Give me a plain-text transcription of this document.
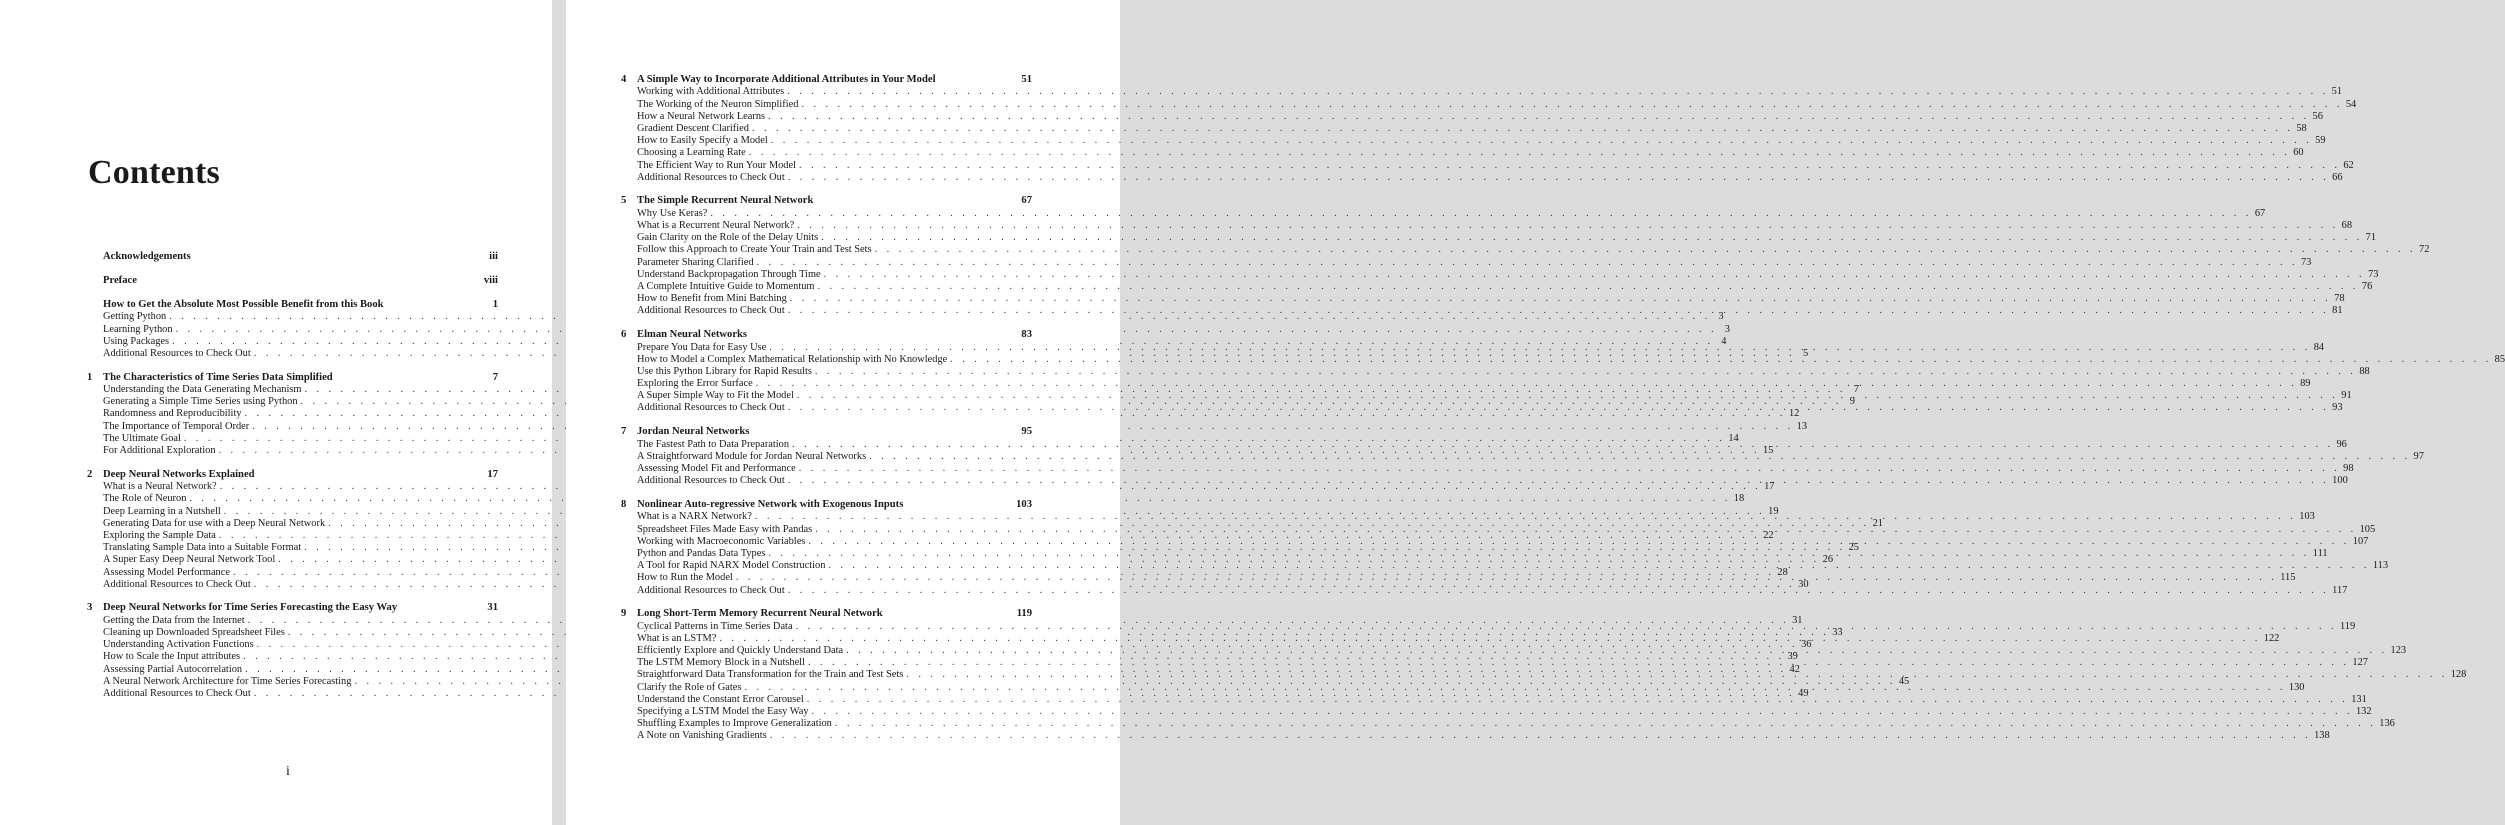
Contents
Acknowledgements	iii
Preface	viii
How to Get the Absolute Most Possible Benefit from this Book	1
Getting Python . . .	3
Learning Python . . .	3
Using Packages . . .	4
Additional Resources to Check Out . . .	5
1	The Characteristics of Time Series Data Simplified	7
Understanding the Data Generating Mechanism . . .	7
Generating a Simple Time Series using Python . . .	9
Randomness and Reproducibility . . .	12
The Importance of Temporal Order . . .	13
The Ultimate Goal . . .	14
For Additional Exploration . . .	15
2	Deep Neural Networks Explained	17
What is a Neural Network? . . .	17
The Role of Neuron . . .	18
Deep Learning in a Nutshell . . .	19
Generating Data for use with a Deep Neural Network . . .	21
Exploring the Sample Data . . .	22
Translating Sample Data into a Suitable Format . . .	25
A Super Easy Deep Neural Network Tool . . .	26
Assessing Model Performance . . .	28
Additional Resources to Check Out . . .	30
3	Deep Neural Networks for Time Series Forecasting the Easy Way	31
Getting the Data from the Internet . . .	31
Cleaning up Downloaded Spreadsheet Files . . .	33
Understanding Activation Functions . . .	36
How to Scale the Input attributes . . .	39
Assessing Partial Autocorrelation . . .	42
A Neural Network Architecture for Time Series Forecasting . . .	45
Additional Resources to Check Out . . .	49
i
4	A Simple Way to Incorporate Additional Attributes in Your Model	51
Working with Additional Attributes . . .	51
The Working of the Neuron Simplified . . .	54
How a Neural Network Learns . . .	56
Gradient Descent Clarified . . .	58
How to Easily Specify a Model . . .	59
Choosing a Learning Rate . . .	60
The Efficient Way to Run Your Model . . .	62
Additional Resources to Check Out . . .	66
5	The Simple Recurrent Neural Network	67
Why Use Keras? . . .	67
What is a Recurrent Neural Network? . . .	68
Gain Clarity on the Role of the Delay Units . . .	71
Follow this Approach to Create Your Train and Test Sets . . .	72
Parameter Sharing Clarified . . .	73
Understand Backpropagation Through Time . . .	73
A Complete Intuitive Guide to Momentum . . .	76
How to Benefit from Mini Batching . . .	78
Additional Resources to Check Out . . .	81
6	Elman Neural Networks	83
Prepare You Data for Easy Use . . .	84
How to Model a Complex Mathematical Relationship with No Knowledge . . .	85
Use this Python Library for Rapid Results . . .	88
Exploring the Error Surface . . .	89
A Super Simple Way to Fit the Model . . .	91
Additional Resources to Check Out . . .	93
7	Jordan Neural Networks	95
The Fastest Path to Data Preparation . . .	96
A Straightforward Module for Jordan Neural Networks . . .	97
Assessing Model Fit and Performance . . .	98
Additional Resources to Check Out . . .	100
8	Nonlinear Auto-regressive Network with Exogenous Inputs	103
What is a NARX Network? . . .	103
Spreadsheet Files Made Easy with Pandas . . .	105
Working with Macroeconomic Variables . . .	107
Python and Pandas Data Types . . .	111
A Tool for Rapid NARX Model Construction . . .	113
How to Run the Model . . .	115
Additional Resources to Check Out . . .	117
9	Long Short-Term Memory Recurrent Neural Network	119
Cyclical Patterns in Time Series Data . . .	119
What is an LSTM? . . .	122
Efficiently Explore and Quickly Understand Data . . .	123
The LSTM Memory Block in a Nutshell . . .	127
Straightforward Data Transformation for the Train and Test Sets . . .	128
Clarify the Role of Gates . . .	130
Understand the Constant Error Carousel . . .	131
Specifying a LSTM Model the Easy Way . . .	132
Shuffling Examples to Improve Generalization . . .	136
A Note on Vanishing Gradients . . .	138
